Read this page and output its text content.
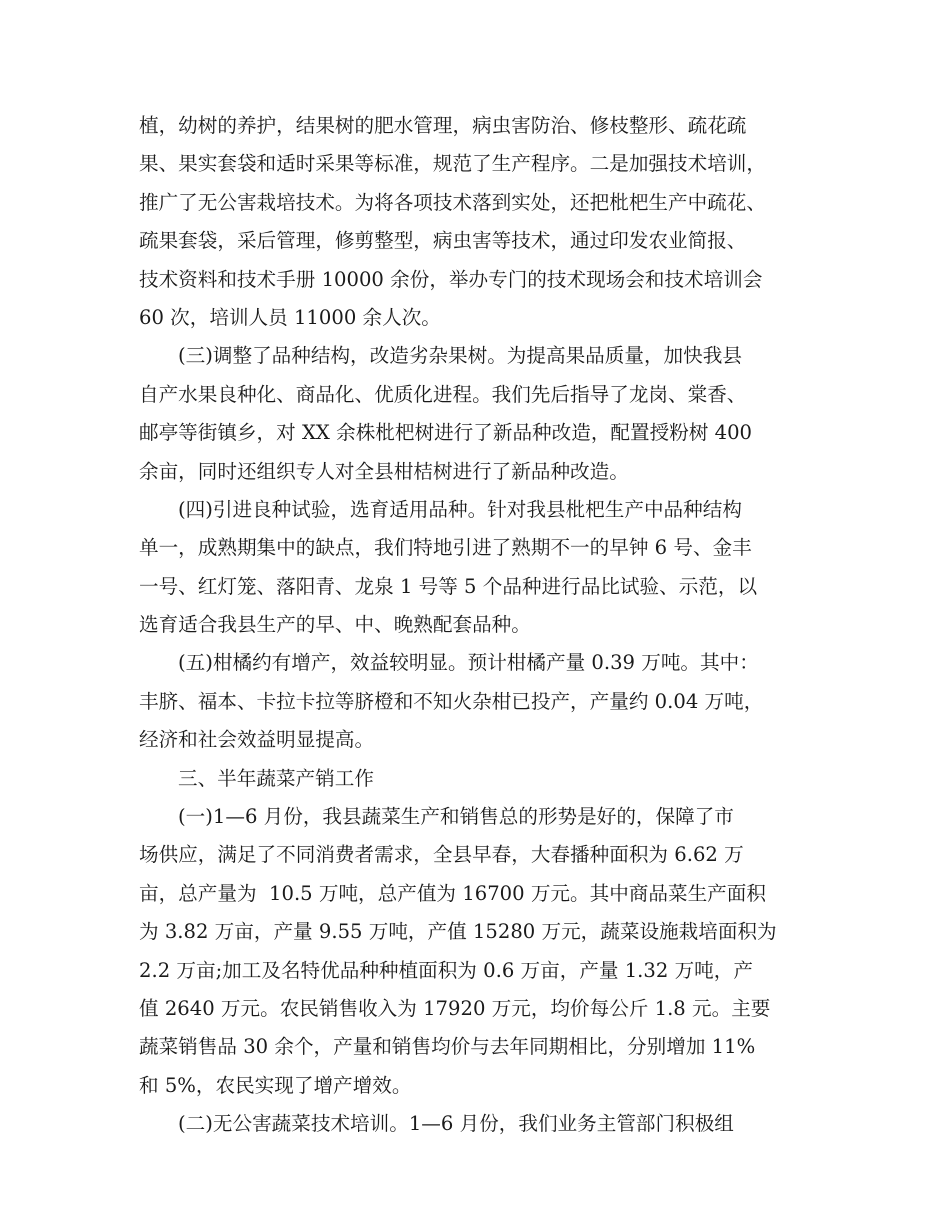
植，幼树的养护，结果树的肥水管理，病虫害防治、修枝整形、疏花疏
果、果实套袋和适时采果等标准，规范了生产程序。二是加强技术培训，
推广了无公害栽培技术。为将各项技术落到实处，还把枇杷生产中疏花、
疏果套袋，采后管理，修剪整型，病虫害等技术，通过印发农业简报、
技术资料和技术手册 10000 余份，举办专门的技术现场会和技术培训会
60 次，培训人员 11000 余人次。
(三)调整了品种结构，改造劣杂果树。为提高果品质量，加快我县
自产水果良种化、商品化、优质化进程。我们先后指导了龙岗、棠香、
邮亭等街镇乡，对 XX 余株枇杷树进行了新品种改造，配置授粉树 400
余亩，同时还组织专人对全县柑桔树进行了新品种改造。
(四)引进良种试验，选育适用品种。针对我县枇杷生产中品种结构
单一，成熟期集中的缺点，我们特地引进了熟期不一的早钟 6 号、金丰
一号、红灯笼、落阳青、龙泉 1 号等 5 个品种进行品比试验、示范，以
选育适合我县生产的早、中、晚熟配套品种。
(五)柑橘约有增产，效益较明显。预计柑橘产量 0.39 万吨。其中：
丰脐、福本、卡拉卡拉等脐橙和不知火杂柑已投产，产量约 0.04 万吨，
经济和社会效益明显提高。
三、半年蔬菜产销工作
(一)1—6 月份，我县蔬菜生产和销售总的形势是好的，保障了市
场供应，满足了不同消费者需求，全县早春，大春播种面积为 6.62 万
亩，总产量为  10.5 万吨，总产值为 16700 万元。其中商品菜生产面积
为 3.82 万亩，产量 9.55 万吨，产值 15280 万元，蔬菜设施栽培面积为
2.2 万亩;加工及名特优品种种植面积为 0.6 万亩，产量 1.32 万吨，产
值 2640 万元。农民销售收入为 17920 万元，均价每公斤 1.8 元。主要
蔬菜销售品 30 余个，产量和销售均价与去年同期相比，分别增加 11%
和 5%，农民实现了增产增效。
(二)无公害蔬菜技术培训。1—6 月份，我们业务主管部门积极组
